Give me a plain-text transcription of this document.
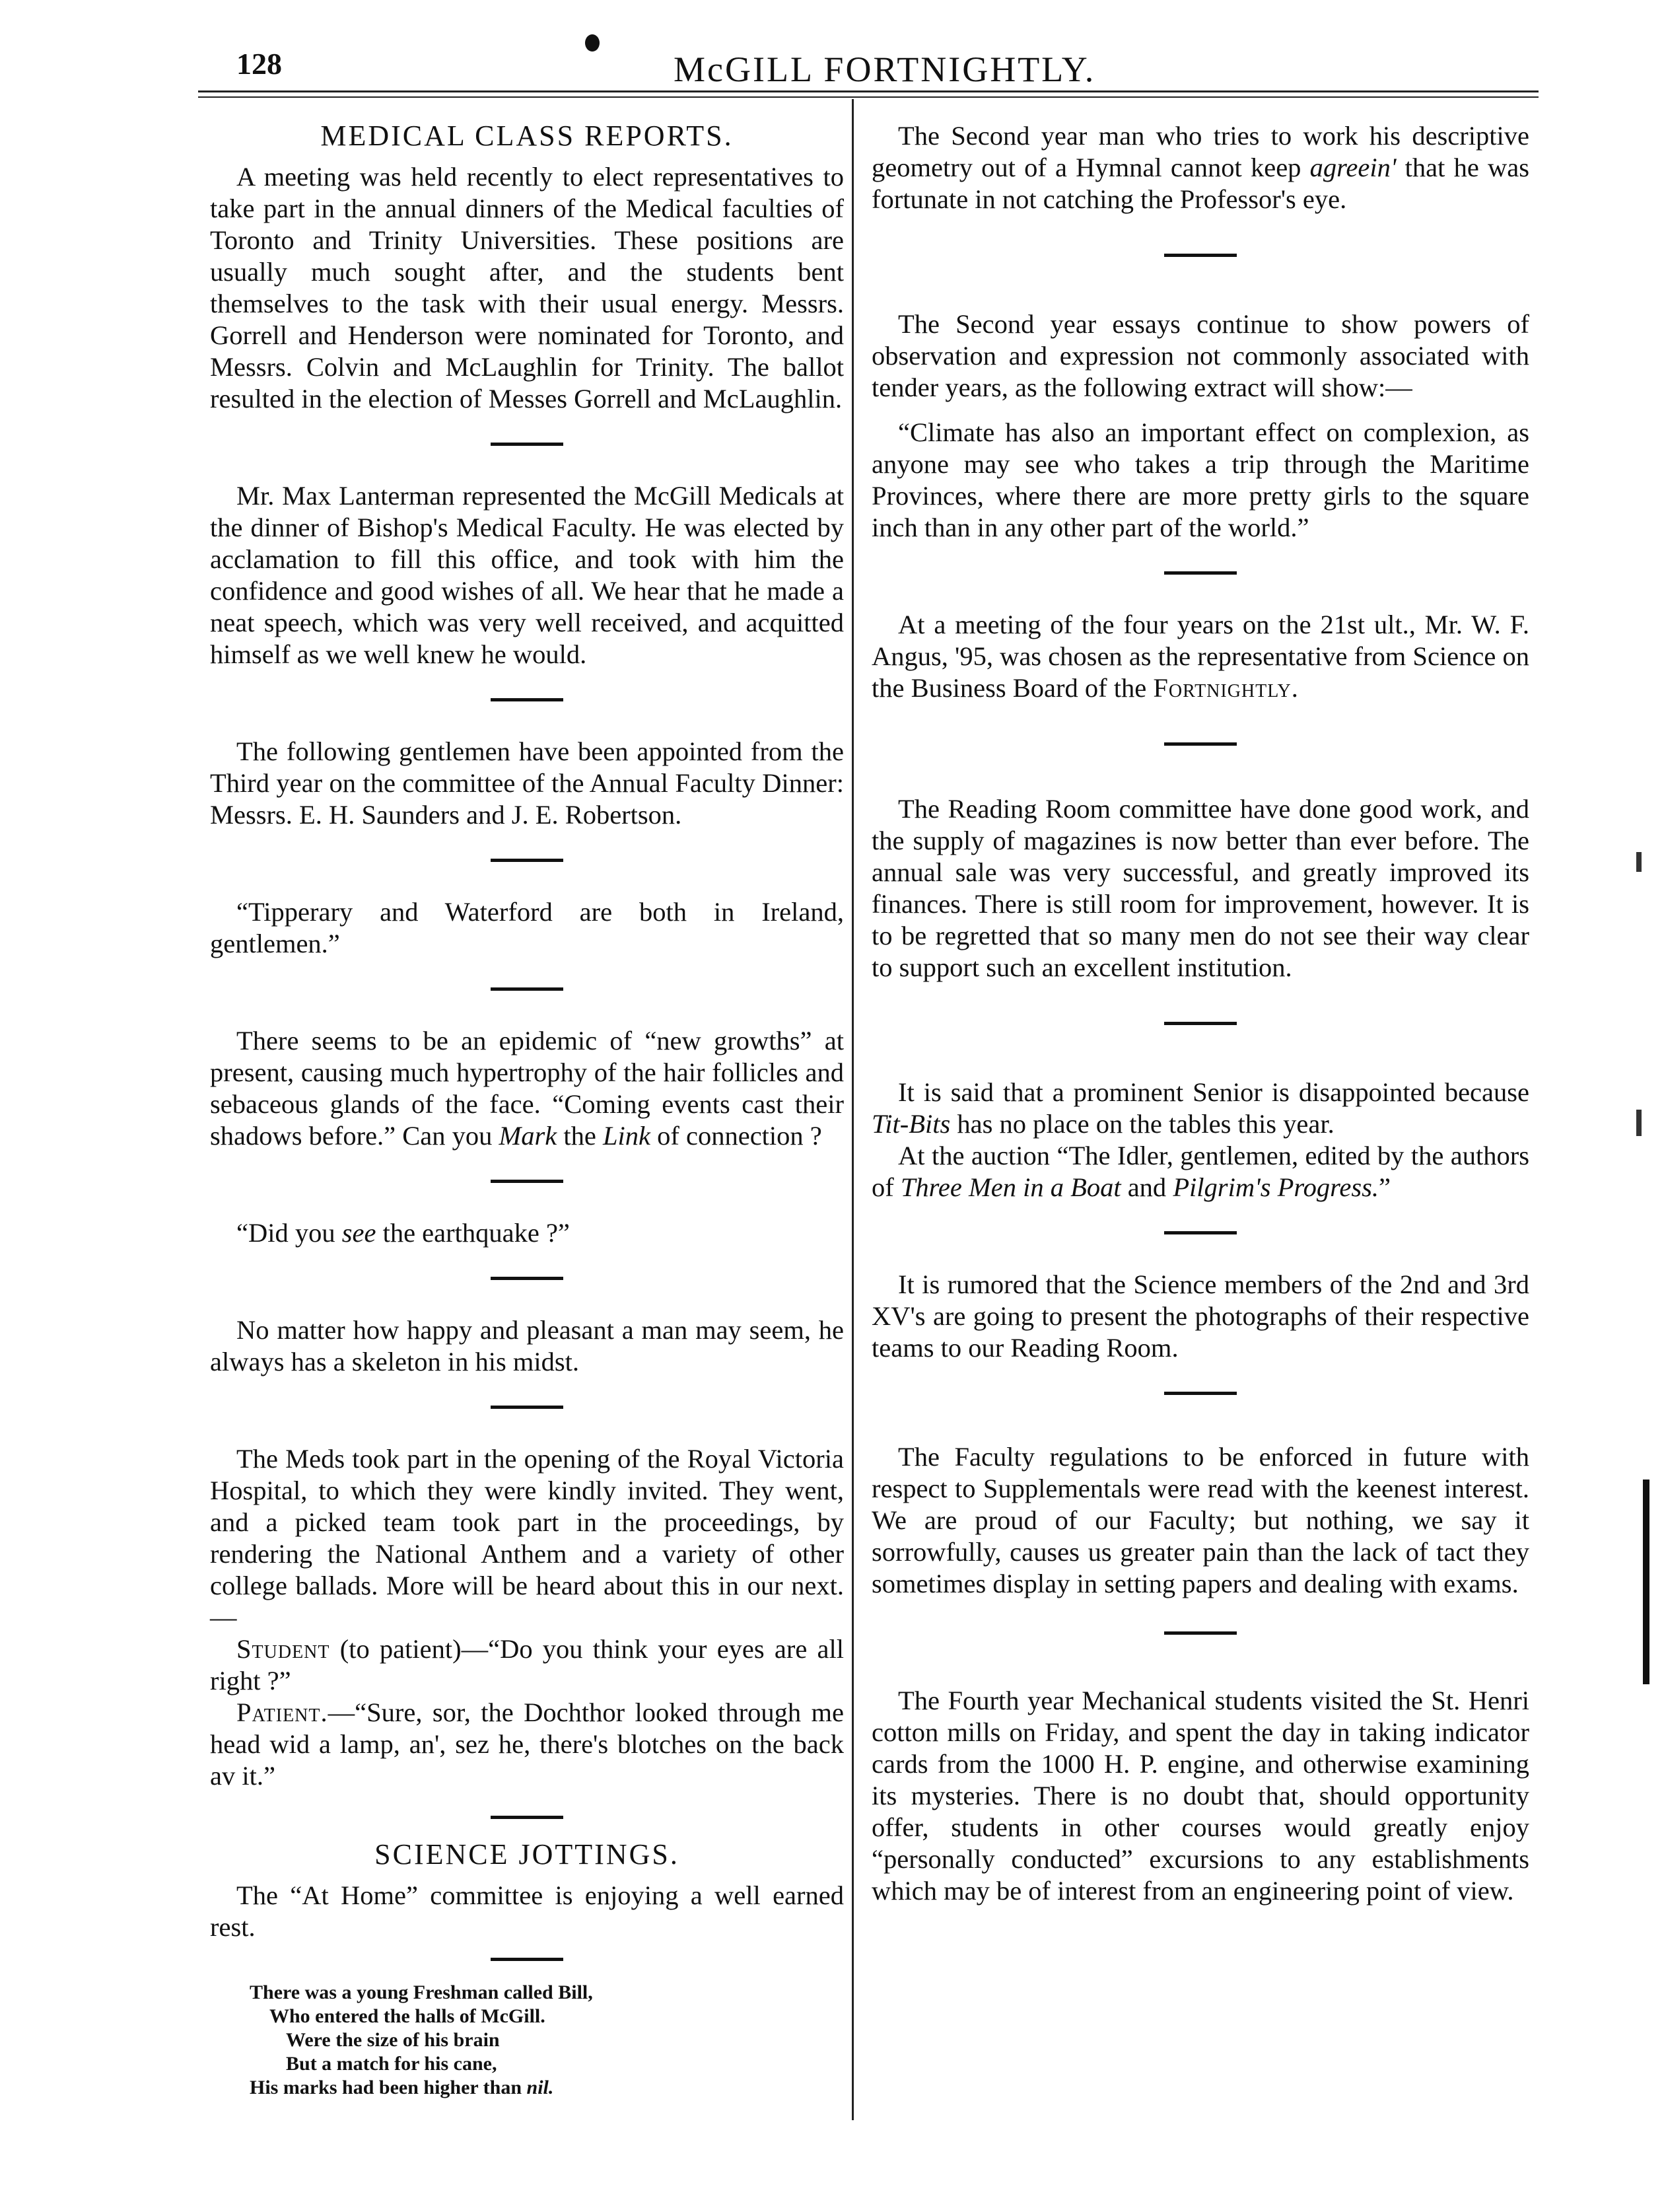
128	McGILL FORTNIGHTLY.
MEDICAL CLASS REPORTS.

A meeting was held recently to elect representatives to take part in the annual dinners of the Medical faculties of Toronto and Trinity Universities. These positions are usually much sought after, and the students bent themselves to the task with their usual energy. Messrs. Gorrell and Henderson were nominated for Toronto, and Messrs. Colvin and McLaughlin for Trinity. The ballot resulted in the election of Messes Gorrell and McLaughlin.

Mr. Max Lanterman represented the McGill Medicals at the dinner of Bishop's Medical Faculty. He was elected by acclamation to fill this office, and took with him the confidence and good wishes of all. We hear that he made a neat speech, which was very well received, and acquitted himself as we well knew he would.

The following gentlemen have been appointed from the Third year on the committee of the Annual Faculty Dinner: Messrs. E. H. Saunders and J. E. Robertson.

“Tipperary and Waterford are both in Ireland, gentlemen.”

There seems to be an epidemic of “new growths” at present, causing much hypertrophy of the hair follicles and sebaceous glands of the face. “Coming events cast their shadows before.” Can you Mark the Link of connection ?

“Did you see the earthquake ?”

No matter how happy and pleasant a man may seem, he always has a skeleton in his midst.

The Meds took part in the opening of the Royal Victoria Hospital, to which they were kindly invited. They went, and a picked team took part in the proceedings, by rendering the National Anthem and a variety of other college ballads. More will be heard about this in our next.—

Student (to patient)—“Do you think your eyes are all right ?”

Patient.—“Sure, sor, the Dochthor looked through me head wid a lamp, an', sez he, there's blotches on the back av it.”

SCIENCE JOTTINGS.

The “At Home” committee is enjoying a well earned rest.

There was a young Freshman called Bill,
Who entered the halls of McGill.
Were the size of his brain
But a match for his cane,
His marks had been higher than nil.

The Second year man who tries to work his descriptive geometry out of a Hymnal cannot keep agreein' that he was fortunate in not catching the Professor's eye.

The Second year essays continue to show powers of observation and expression not commonly associated with tender years, as the following extract will show:—

“Climate has also an important effect on complexion, as anyone may see who takes a trip through the Maritime Provinces, where there are more pretty girls to the square inch than in any other part of the world.”

At a meeting of the four years on the 21st ult., Mr. W. F. Angus, '95, was chosen as the representative from Science on the Business Board of the Fortnightly.

The Reading Room committee have done good work, and the supply of magazines is now better than ever before. The annual sale was very successful, and greatly improved its finances. There is still room for improvement, however. It is to be regretted that so many men do not see their way clear to support such an excellent institution.

It is said that a prominent Senior is disappointed because Tit-Bits has no place on the tables this year.

At the auction “The Idler, gentlemen, edited by the authors of Three Men in a Boat and Pilgrim's Progress.”

It is rumored that the Science members of the 2nd and 3rd XV's are going to present the photographs of their respective teams to our Reading Room.

The Faculty regulations to be enforced in future with respect to Supplementals were read with the keenest interest. We are proud of our Faculty; but nothing, we say it sorrowfully, causes us greater pain than the lack of tact they sometimes display in setting papers and dealing with exams.

The Fourth year Mechanical students visited the St. Henri cotton mills on Friday, and spent the day in taking indicator cards from the 1000 H. P. engine, and otherwise examining its mysteries. There is no doubt that, should opportunity offer, students in other courses would greatly enjoy “personally conducted” excursions to any establishments which may be of interest from an engineering point of view.
